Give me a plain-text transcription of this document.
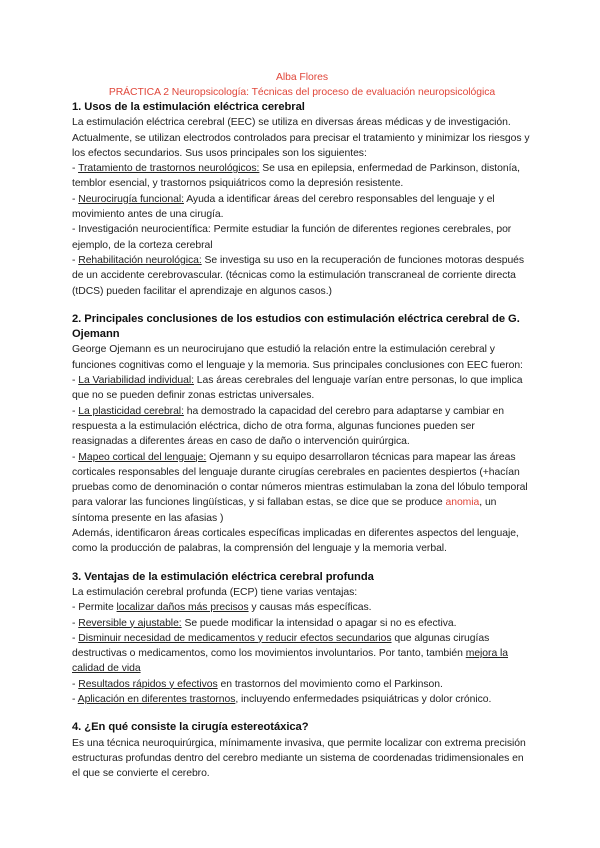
Alba Flores

PRÁCTICA 2 Neuropsicología: Técnicas del proceso de evaluación neuropsicológica

1. Usos de la estimulación eléctrica cerebral

La estimulación eléctrica cerebral (EEC) se utiliza en diversas áreas médicas y de investigación. Actualmente, se utilizan electrodos controlados para precisar el tratamiento y minimizar los riesgos y los efectos secundarios. Sus usos principales son los siguientes:

- Tratamiento de trastornos neurológicos: Se usa en epilepsia, enfermedad de Parkinson, distonía, temblor esencial, y trastornos psiquiátricos como la depresión resistente.

- Neurocirugía funcional: Ayuda a identificar áreas del cerebro responsables del lenguaje y el movimiento antes de una cirugía.

- Investigación neurocientífica: Permite estudiar la función de diferentes regiones cerebrales, por ejemplo, de la corteza cerebral

- Rehabilitación neurológica: Se investiga su uso en la recuperación de funciones motoras después de un accidente cerebrovascular. (técnicas como la estimulación transcraneal de corriente directa (tDCS) pueden facilitar el aprendizaje en algunos casos.)

2. Principales conclusiones de los estudios con estimulación eléctrica cerebral de G. Ojemann

George Ojemann es un neurocirujano que estudió la relación entre la estimulación cerebral y funciones cognitivas como el lenguaje y la memoria. Sus principales conclusiones con EEC fueron:

- La Variabilidad individual: Las áreas cerebrales del lenguaje varían entre personas, lo que implica que no se pueden definir zonas estrictas universales.

- La plasticidad cerebral: ha demostrado la capacidad del cerebro para adaptarse y cambiar en respuesta a la estimulación eléctrica, dicho de otra forma, algunas funciones pueden ser reasignadas a diferentes áreas en caso de daño o intervención quirúrgica.

- Mapeo cortical del lenguaje: Ojemann y su equipo desarrollaron técnicas para mapear las áreas corticales responsables del lenguaje durante cirugías cerebrales en pacientes despiertos (+hacían pruebas como de denominación o contar números mientras estimulaban la zona del lóbulo temporal para valorar las funciones lingüísticas, y si fallaban estas, se dice que se produce anomia, un síntoma presente en las afasias )

Además, identificaron áreas corticales específicas implicadas en diferentes aspectos del lenguaje, como la producción de palabras, la comprensión del lenguaje y la memoria verbal.

3. Ventajas de la estimulación eléctrica cerebral profunda

La estimulación cerebral profunda (ECP) tiene varias ventajas:

- Permite localizar daños más precisos y causas más específicas.

- Reversible y ajustable: Se puede modificar la intensidad o apagar si no es efectiva.

- Disminuir necesidad de medicamentos y reducir efectos secundarios que algunas cirugías destructivas o medicamentos, como los movimientos involuntarios. Por tanto, también mejora la calidad de vida

- Resultados rápidos y efectivos en trastornos del movimiento como el Parkinson.

- Aplicación en diferentes trastornos, incluyendo enfermedades psiquiátricas y dolor crónico.

4. ¿En qué consiste la cirugía estereotáxica?

Es una técnica neuroquirúrgica, mínimamente invasiva, que permite localizar con extrema precisión estructuras profundas dentro del cerebro mediante un sistema de coordenadas tridimensionales en el que se convierte el cerebro.
